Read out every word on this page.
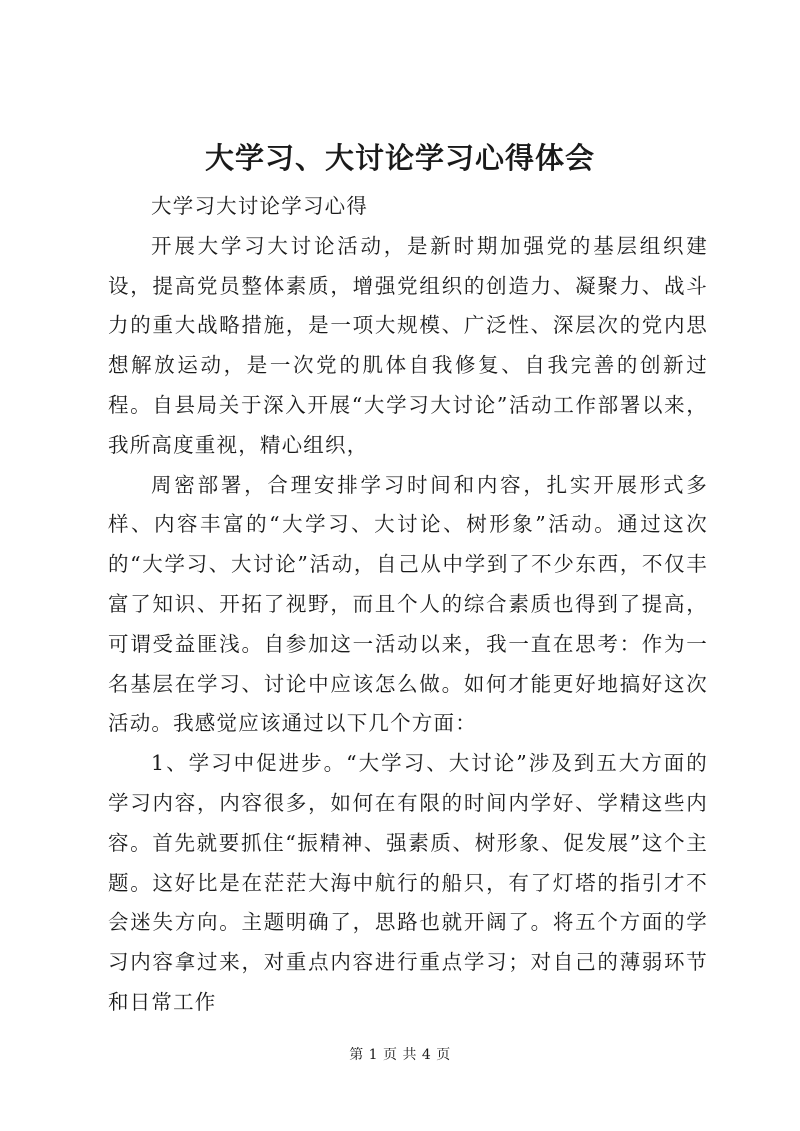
大学习、大讨论学习心得体会

大学习大讨论学习心得

开展大学习大讨论活动，是新时期加强党的基层组织建设，提高党员整体素质，增强党组织的创造力、凝聚力、战斗力的重大战略措施，是一项大规模、广泛性、深层次的党内思想解放运动，是一次党的肌体自我修复、自我完善的创新过程。自县局关于深入开展“大学习大讨论”活动工作部署以来，我所高度重视，精心组织，

周密部署，合理安排学习时间和内容，扎实开展形式多样、内容丰富的“大学习、大讨论、树形象”活动。通过这次的“大学习、大讨论”活动，自己从中学到了不少东西，不仅丰富了知识、开拓了视野，而且个人的综合素质也得到了提高，可谓受益匪浅。自参加这一活动以来，我一直在思考：作为一名基层在学习、讨论中应该怎么做。如何才能更好地搞好这次活动。我感觉应该通过以下几个方面：

1、学习中促进步。“大学习、大讨论”涉及到五大方面的学习内容，内容很多，如何在有限的时间内学好、学精这些内容。首先就要抓住“振精神、强素质、树形象、促发展”这个主题。这好比是在茫茫大海中航行的船只，有了灯塔的指引才不会迷失方向。主题明确了，思路也就开阔了。将五个方面的学习内容拿过来，对重点内容进行重点学习；对自己的薄弱环节和日常工作

第 1 页 共 4 页
